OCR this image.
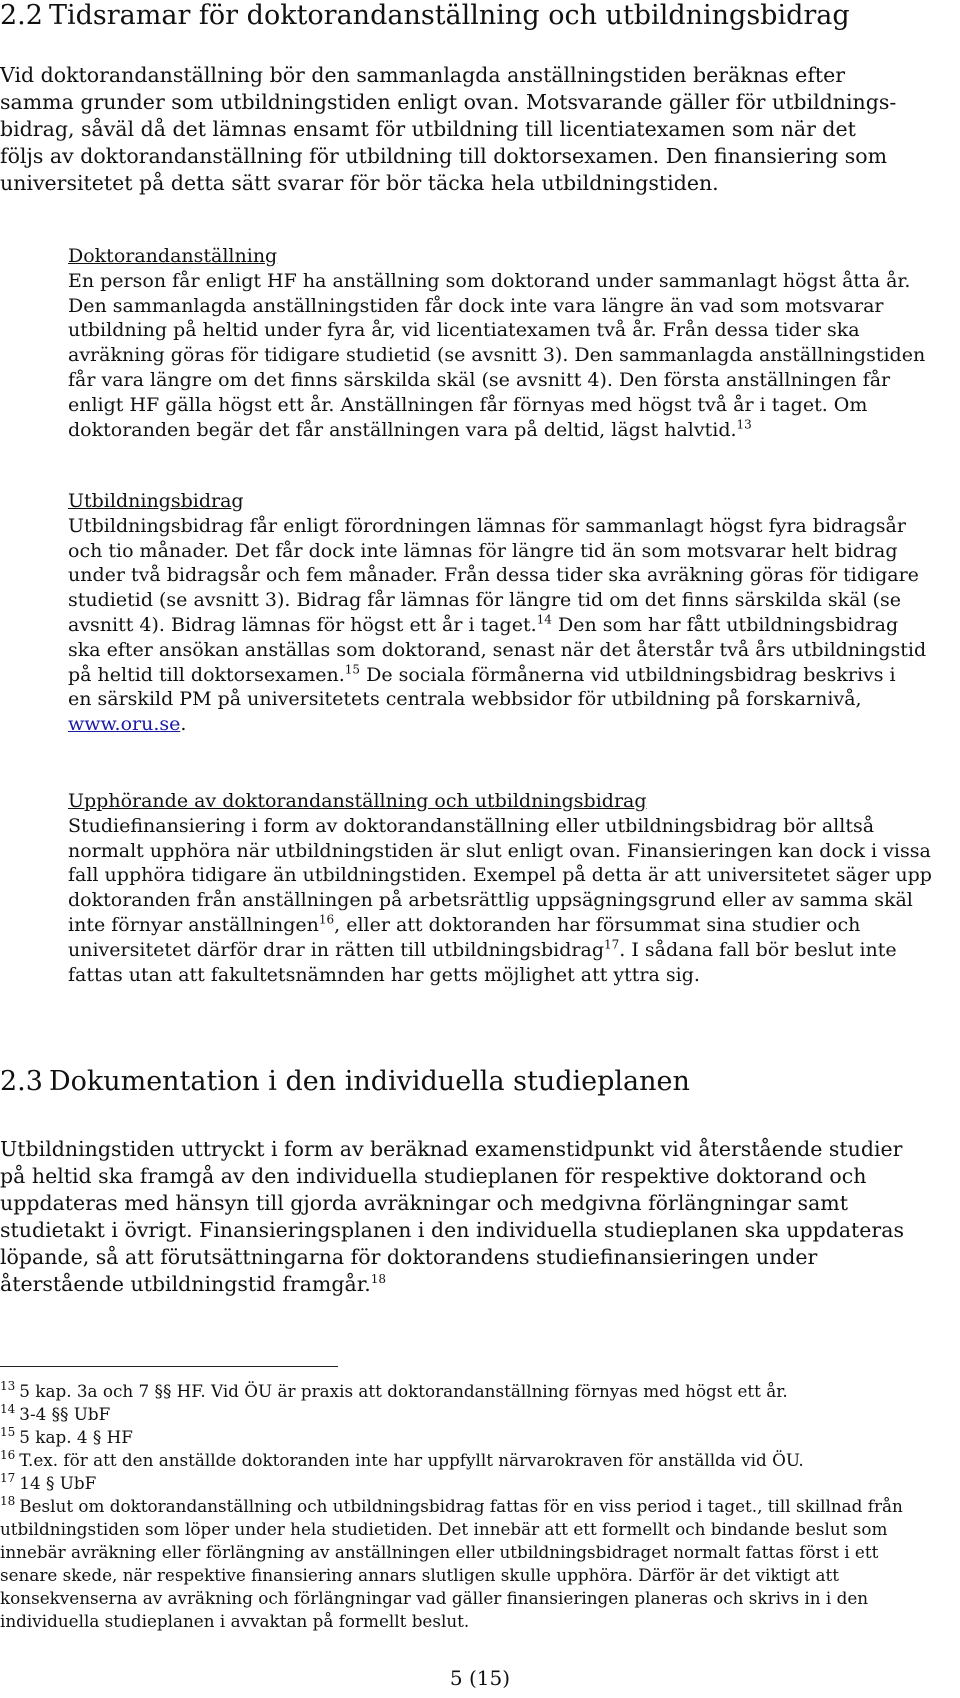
2.2 Tidsramar för doktorandanställning och utbildningsbidrag

Vid doktorandanställning bör den sammanlagda anställningstiden beräknas efter
samma grunder som utbildningstiden enligt ovan. Motsvarande gäller för utbildnings-
bidrag, såväl då det lämnas ensamt för utbildning till licentiatexamen som när det
följs av doktorandanställning för utbildning till doktorsexamen. Den finansiering som
universitetet på detta sätt svarar för bör täcka hela utbildningstiden.

Doktorandanställning
En person får enligt HF ha anställning som doktorand under sammanlagt högst åtta år.
Den sammanlagda anställningstiden får dock inte vara längre än vad som motsvarar
utbildning på heltid under fyra år, vid licentiatexamen två år. Från dessa tider ska
avräkning göras för tidigare studietid (se avsnitt 3). Den sammanlagda anställningstiden
får vara längre om det finns särskilda skäl (se avsnitt 4). Den första anställningen får
enligt HF gälla högst ett år. Anställningen får förnyas med högst två år i taget. Om
doktoranden begär det får anställningen vara på deltid, lägst halvtid.$^{13}$
Utbildningsbidrag
Utbildningsbidrag får enligt förordningen lämnas för sammanlagt högst fyra bidragsår
och tio månader. Det får dock inte lämnas för längre tid än som motsvarar helt bidrag
under två bidragsår och fem månader. Från dessa tider ska avräkning göras för tidigare
studietid (se avsnitt 3). Bidrag får lämnas för längre tid om det finns särskilda skäl (se
avsnitt 4). Bidrag lämnas för högst ett år i taget.$^{14}$ Den som har fått utbildningsbidrag
ska efter ansökan anställas som doktorand, senast när det återstår två års utbildningstid
på heltid till doktorsexamen.$^{15}$ De sociala förmånerna vid utbildningsbidrag beskrivs i
en särskild PM på universitetets centrala webbsidor för utbildning på forskarnivå,
www.oru.se.
Upphörande av doktorandanställning och utbildningsbidrag
Studiefinansiering i form av doktorandanställning eller utbildningsbidrag bör alltså
normalt upphöra när utbildningstiden är slut enligt ovan. Finansieringen kan dock i vissa
fall upphöra tidigare än utbildningstiden. Exempel på detta är att universitetet säger upp
doktoranden från anställningen på arbetsrättlig uppsägningsgrund eller av samma skäl
inte förnyar anställningen$^{16}$, eller att doktoranden har försummat sina studier och
universitetet därför drar in rätten till utbildningsbidrag$^{17}$. I sådana fall bör beslut inte
fattas utan att fakultetsnämnden har getts möjlighet att yttra sig.
2.3 Dokumentation i den individuella studieplanen

Utbildningstiden uttryckt i form av beräknad examenstidpunkt vid återstående studier
på heltid ska framgå av den individuella studieplanen för respektive doktorand och
uppdateras med hänsyn till gjorda avräkningar och medgivna förlängningar samt
studietakt i övrigt. Finansieringsplanen i den individuella studieplanen ska uppdateras
löpande, så att förutsättningarna för doktorandens studiefinansieringen under
återstående utbildningstid framgår.$^{18}$

$^{13}$ 5 kap. 3a och 7 §§ HF. Vid ÖU är praxis att doktorandanställning förnyas med högst ett år.
$^{14}$ 3-4 §§ UbF
$^{15}$ 5 kap. 4 § HF
$^{16}$ T.ex. för att den anställde doktoranden inte har uppfyllt närvarokraven för anställda vid ÖU.
$^{17}$ 14 § UbF
$^{18}$ Beslut om doktorandanställning och utbildningsbidrag fattas för en viss period i taget., till skillnad från
utbildningstiden som löper under hela studietiden. Det innebär att ett formellt och bindande beslut som
innebär avräkning eller förlängning av anställningen eller utbildningsbidraget normalt fattas först i ett
senare skede, när respektive finansiering annars slutligen skulle upphöra. Därför är det viktigt att
konsekvenserna av avräkning och förlängningar vad gäller finansieringen planeras och skrivs in i den
individuella studieplanen i avvaktan på formellt beslut.
5 (15)
